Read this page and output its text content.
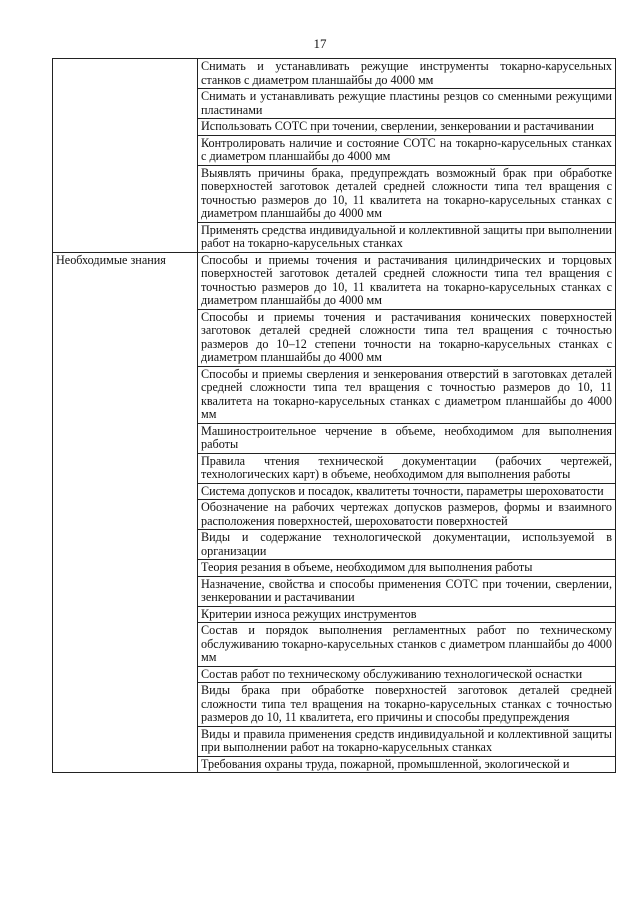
17
	Снимать и устанавливать режущие инструменты токарно-карусельных станков с диаметром планшайбы до 4000 мм
	Снимать и устанавливать режущие пластины резцов со сменными режущими пластинами
	Использовать СОТС при точении, сверлении, зенкеровании и растачивании
	Контролировать наличие и состояние СОТС на токарно-карусельных станках с диаметром планшайбы до 4000 мм
	Выявлять причины брака, предупреждать возможный брак при обработке поверхностей заготовок деталей средней сложности типа тел вращения с точностью размеров до 10, 11 квалитета на токарно-карусельных станках с диаметром планшайбы до 4000 мм
	Применять средства индивидуальной и коллективной защиты при выполнении работ на токарно-карусельных станках
Необходимые знания	Способы и приемы точения и растачивания цилиндрических и торцовых поверхностей заготовок деталей средней сложности типа тел вращения с точностью размеров до 10, 11 квалитета на токарно-карусельных станках с диаметром планшайбы до 4000 мм
	Способы и приемы точения и растачивания конических поверхностей заготовок деталей средней сложности типа тел вращения с точностью размеров до 10–12 степени точности на токарно-карусельных станках с диаметром планшайбы до 4000 мм
	Способы и приемы сверления и зенкерования отверстий в заготовках деталей средней сложности типа тел вращения с точностью размеров до 10, 11 квалитета на токарно-карусельных станках с диаметром планшайбы до 4000 мм
	Машиностроительное черчение в объеме, необходимом для выполнения работы
	Правила чтения технической документации (рабочих чертежей, технологических карт) в объеме, необходимом для выполнения работы
	Система допусков и посадок, квалитеты точности, параметры шероховатости
	Обозначение на рабочих чертежах допусков размеров, формы и взаимного расположения поверхностей, шероховатости поверхностей
	Виды и содержание технологической документации, используемой в организации
	Теория резания в объеме, необходимом для выполнения работы
	Назначение, свойства и способы применения СОТС при точении, сверлении, зенкеровании и растачивании
	Критерии износа режущих инструментов
	Состав и порядок выполнения регламентных работ по техническому обслуживанию токарно-карусельных станков с диаметром планшайбы до 4000 мм
	Состав работ по техническому обслуживанию технологической оснастки
	Виды брака при обработке поверхностей заготовок деталей средней сложности типа тел вращения на токарно-карусельных станках с точностью размеров до 10, 11 квалитета, его причины и способы предупреждения
	Виды и правила применения средств индивидуальной и коллективной защиты при выполнении работ на токарно-карусельных станках
	Требования охраны труда, пожарной, промышленной, экологической и
